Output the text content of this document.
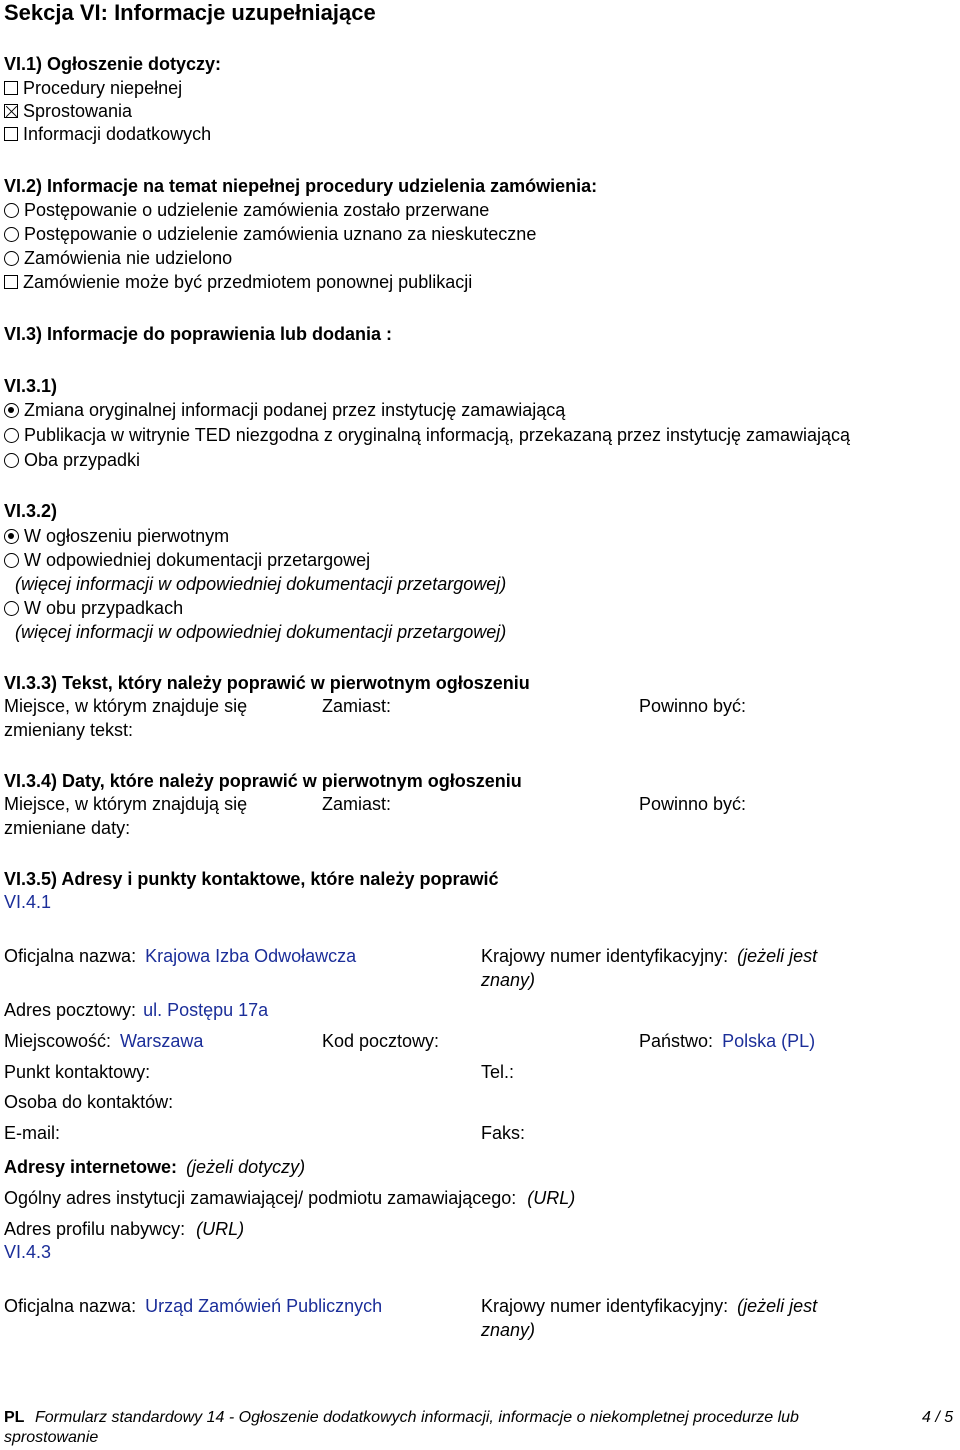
Sekcja VI: Informacje uzupełniające
VI.1) Ogłoszenie dotyczy:
Procedury niepełnej
Sprostowania
Informacji dodatkowych
VI.2) Informacje na temat niepełnej procedury udzielenia zamówienia:
Postępowanie o udzielenie zamówienia zostało przerwane
Postępowanie o udzielenie zamówienia uznano za nieskuteczne
Zamówienia nie udzielono
Zamówienie może być przedmiotem ponownej publikacji
VI.3) Informacje do poprawienia lub dodania :
VI.3.1)
Zmiana oryginalnej informacji podanej przez instytucję zamawiającą
Publikacja w witrynie TED niezgodna z oryginalną informacją, przekazaną przez instytucję zamawiającą
Oba przypadki
VI.3.2)
W ogłoszeniu pierwotnym
W odpowiedniej dokumentacji przetargowej
(więcej informacji w odpowiedniej dokumentacji przetargowej)
W obu przypadkach
(więcej informacji w odpowiedniej dokumentacji przetargowej)
VI.3.3) Tekst, który należy poprawić w pierwotnym ogłoszeniu
Miejsce, w którym znajduje się
zmieniany tekst:
Zamiast:	Powinno być:
VI.3.4) Daty, które należy poprawić w pierwotnym ogłoszeniu
Miejsce, w którym znajdują się
zmieniane daty:
Zamiast:	Powinno być:
VI.3.5) Adresy i punkty kontaktowe, które należy poprawić
VI.4.1
Oficjalna nazwa: Krajowa Izba Odwoławcza	Krajowy numer identyfikacyjny: (jeżeli jest
znany)
Adres pocztowy: ul. Postępu 17a
Miejscowość: Warszawa	Kod pocztowy:	Państwo: Polska (PL)
Punkt kontaktowy:	Tel.:
Osoba do kontaktów:
E-mail:	Faks:
Adresy internetowe: (jeżeli dotyczy)
Ogólny adres instytucji zamawiającej/ podmiotu zamawiającego: (URL)
Adres profilu nabywcy: (URL)
VI.4.3
Oficjalna nazwa: Urząd Zamówień Publicznych	Krajowy numer identyfikacyjny: (jeżeli jest
znany)
PL Formularz standardowy 14 - Ogłoszenie dodatkowych informacji, informacje o niekompletnej procedurze lub
sprostowanie
4 / 5
